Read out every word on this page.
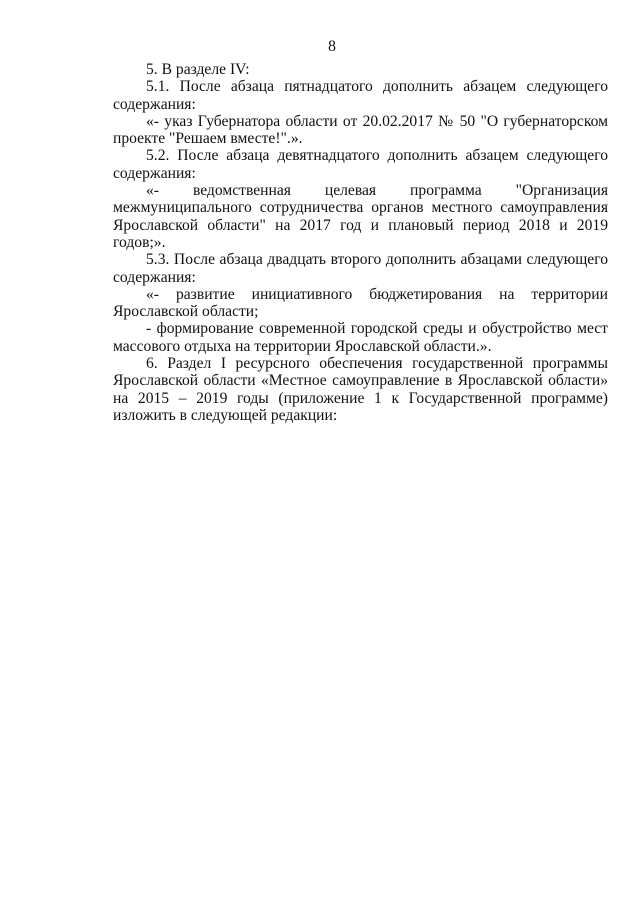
8

5. В разделе IV:

5.1. После абзаца пятнадцатого дополнить абзацем следующего содержания:

«- указ Губернатора области от 20.02.2017 № 50 "О губернаторском проекте "Решаем вместе!".».

5.2. После абзаца девятнадцатого дополнить абзацем следующего содержания:

«- ведомственная целевая программа "Организация межмуниципального сотрудничества органов местного самоуправления Ярославской области" на 2017 год и плановый период 2018 и 2019 годов;».

5.3. После абзаца двадцать второго дополнить абзацами следующего содержания:

«- развитие инициативного бюджетирования на территории Ярославской области;

- формирование современной городской среды и обустройство мест массового отдыха на территории Ярославской области.».

6. Раздел I ресурсного обеспечения государственной программы Ярославской области «Местное самоуправление в Ярославской области» на 2015 – 2019 годы (приложение 1 к Государственной программе) изложить в следующей редакции:
